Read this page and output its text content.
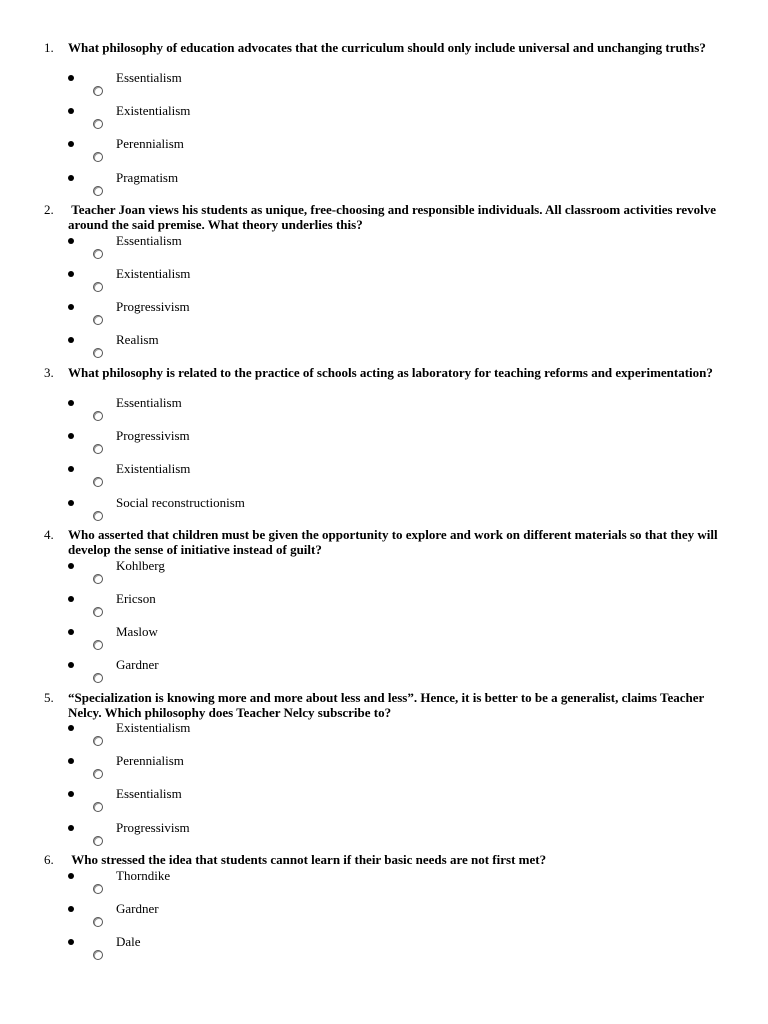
1. What philosophy of education advocates that the curriculum should only include universal and unchanging truths?
Essentialism
Existentialism
Perennialism
Pragmatism
2. Teacher Joan views his students as unique, free-choosing and responsible individuals. All classroom activities revolve around the said premise. What theory underlies this?
Essentialism
Existentialism
Progressivism
Realism
3. What philosophy is related to the practice of schools acting as laboratory for teaching reforms and experimentation?
Essentialism
Progressivism
Existentialism
Social reconstructionism
4. Who asserted that children must be given the opportunity to explore and work on different materials so that they will develop the sense of initiative instead of guilt?
Kohlberg
Ericson
Maslow
Gardner
5. “Specialization is knowing more and more about less and less”. Hence, it is better to be a generalist, claims Teacher Nelcy. Which philosophy does Teacher Nelcy subscribe to?
Existentialism
Perennialism
Essentialism
Progressivism
6. Who stressed the idea that students cannot learn if their basic needs are not first met?
Thorndike
Gardner
Dale
